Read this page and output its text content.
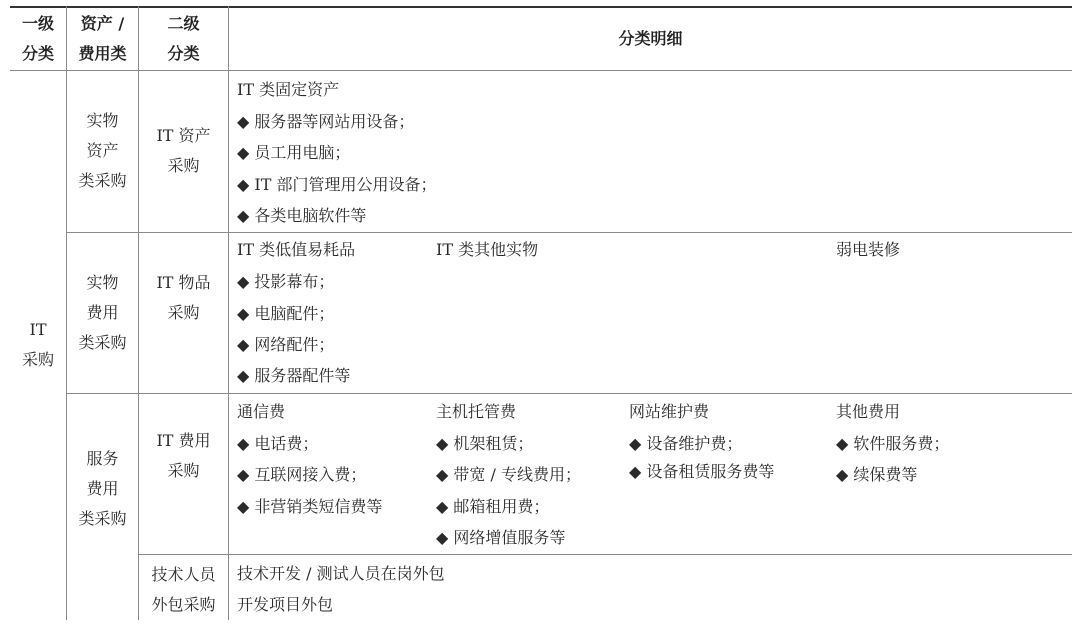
一级
分类
资产 /
费用类
二级
分类
分类明细
IT
采购
实物
资产
类采购
IT 资产
采购
IT 类固定资产
◆ 服务器等网站用设备；
◆ 员工用电脑；
◆ IT 部门管理用公用设备；
◆ 各类电脑软件等
实物
费用
类采购
IT 物品
采购
IT 类低值易耗品	IT 类其他实物	弱电装修
◆ 投影幕布；
◆ 电脑配件；
◆ 网络配件；
◆ 服务器配件等
服务
费用
类采购
IT 费用
采购
通信费
◆ 电话费；
◆ 互联网接入费；
◆ 非营销类短信费等
主机托管费
◆ 机架租赁；
◆ 带宽 / 专线费用；
◆ 邮箱租用费；
◆ 网络增值服务等
网站维护费
◆ 设备维护费；
◆ 设备租赁服务费等
其他费用
◆ 软件服务费；
◆ 续保费等
技术人员
外包采购
技术开发 / 测试人员在岗外包
开发项目外包
